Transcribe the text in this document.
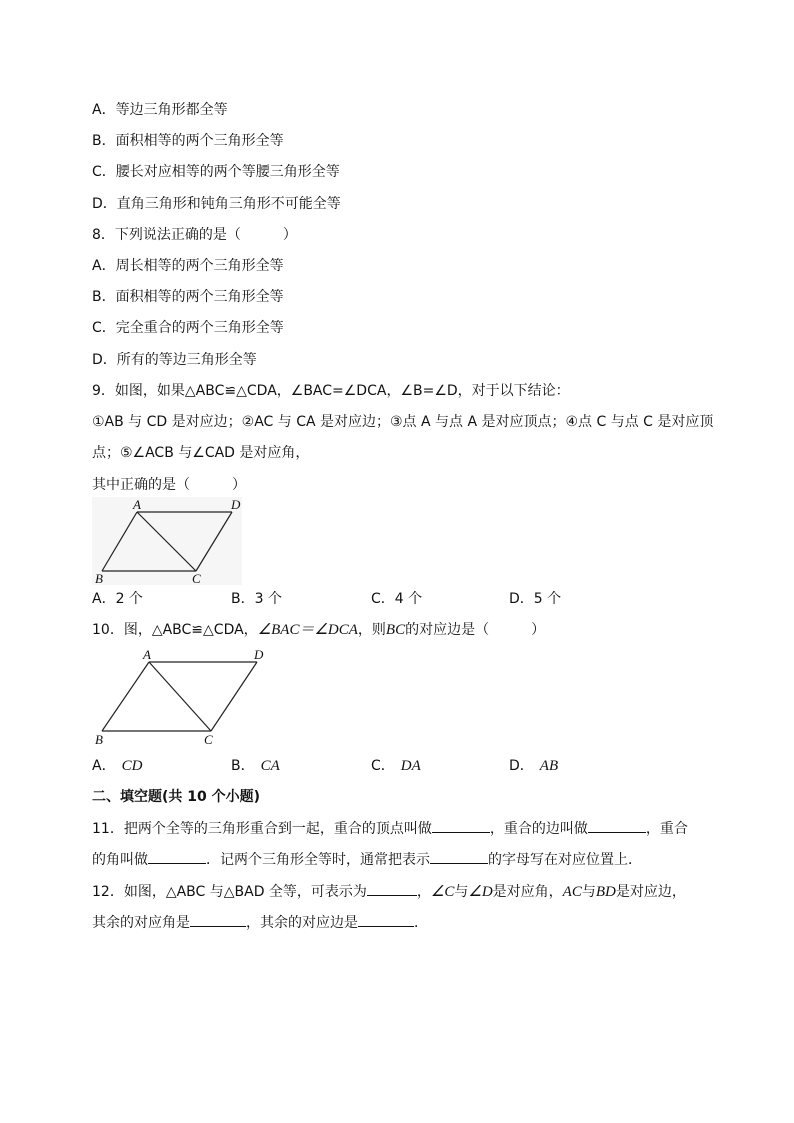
A．等边三角形都全等
B．面积相等的两个三角形全等
C．腰长对应相等的两个等腰三角形全等
D．直角三角形和钝角三角形不可能全等
8．下列说法正确的是（　　　）
A．周长相等的两个三角形全等
B．面积相等的两个三角形全等
C．完全重合的两个三角形全等
D．所有的等边三角形全等
9．如图，如果△ABC≌△CDA，∠BAC=∠DCA，∠B=∠D，对于以下结论：
①AB 与 CD 是对应边；②AC 与 CA 是对应边；③点 A 与点 A 是对应顶点；④点 C 与点 C 是对应顶
点；⑤∠ACB 与∠CAD 是对应角，
其中正确的是（　　　）
A	D
B	C
A．2 个	B．3 个	C．4 个	D．5 个
10．图，△ABC≌△CDA，∠BAC＝∠DCA，则BC的对应边是（　　　）
A	D
B	C
A． CD	B． CA	C． DA	D． AB
二、填空题(共 10 个小题)
11．把两个全等的三角形重合到一起，重合的顶点叫做	，重合的边叫做	，重合
的角叫做	．记两个三角形全等时，通常把表示	的字母写在对应位置上．
12．如图，△ABC 与△BAD 全等，可表示为	，∠C与∠D是对应角，AC与BD是对应边，
其余的对应角是	，其余的对应边是	．
